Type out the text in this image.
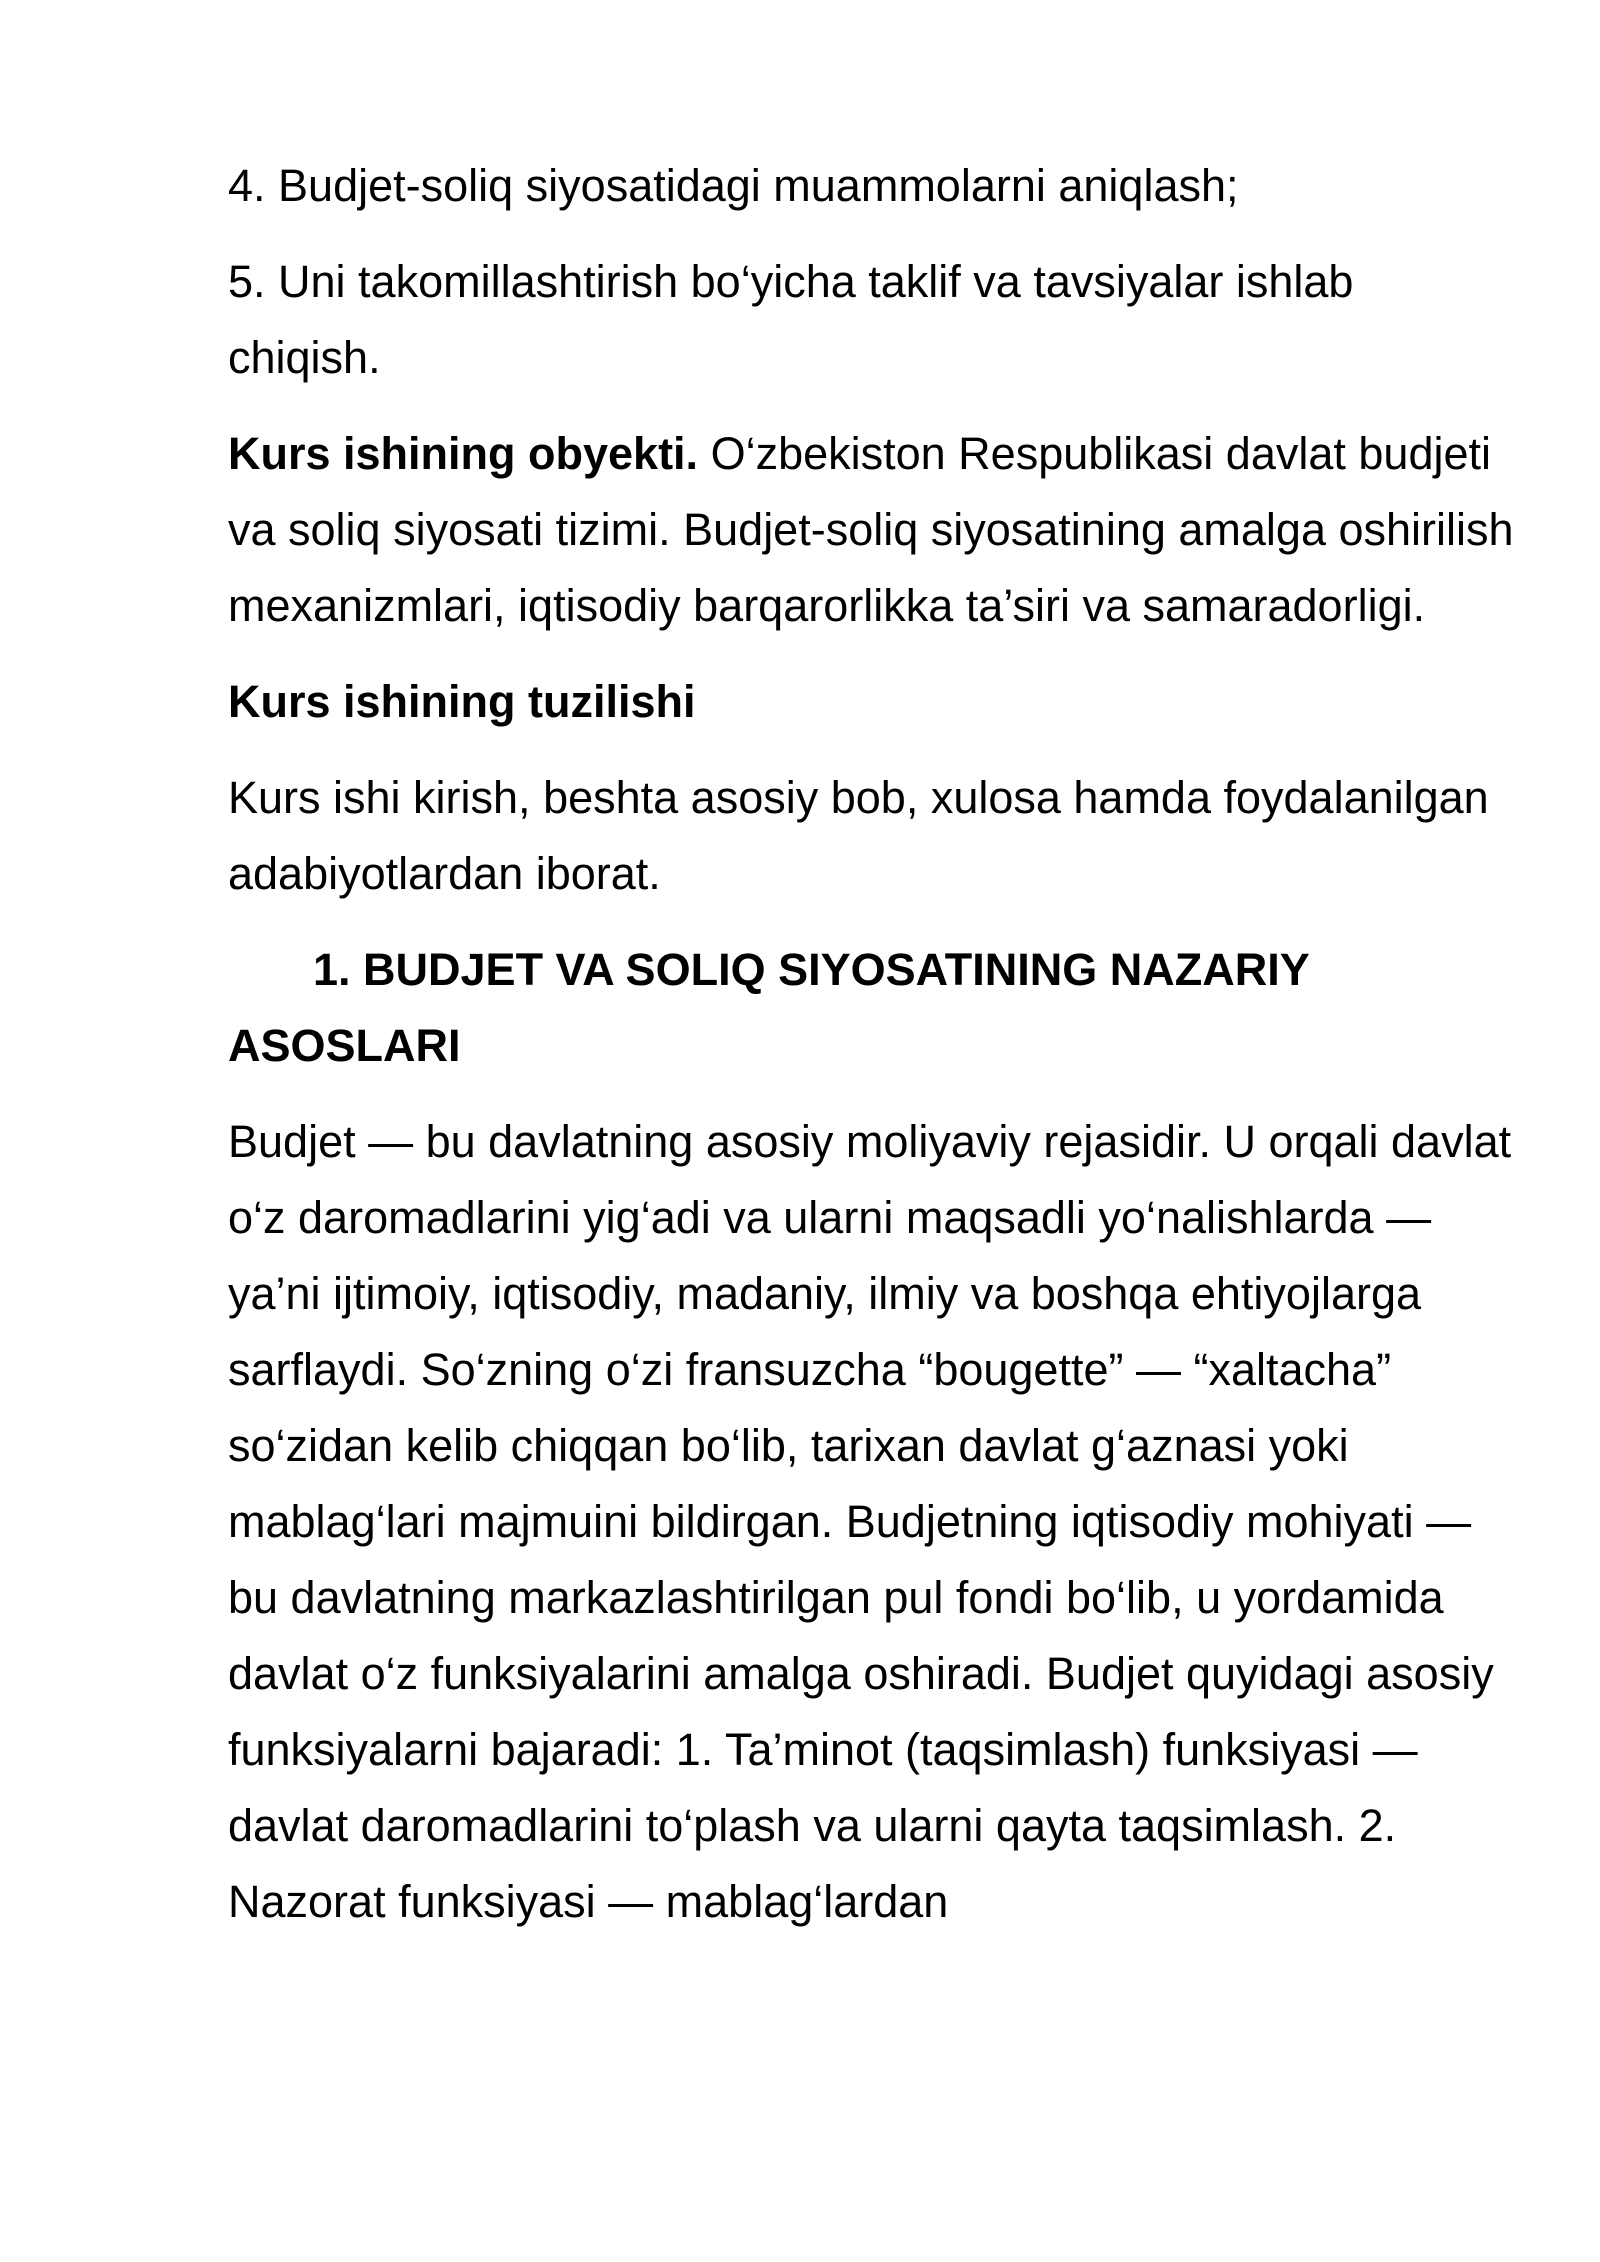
4. Budjet-soliq siyosatidagi muammolarni aniqlash;

5. Uni takomillashtirish bo‘yicha taklif va tavsiyalar ishlab chiqish.

Kurs ishining obyekti. O‘zbekiston Respublikasi davlat budjeti va soliq siyosati tizimi. Budjet-soliq siyosatining amalga oshirilish mexanizmlari, iqtisodiy barqarorlikka ta’siri va samaradorligi.

Kurs ishining tuzilishi

Kurs ishi kirish, beshta asosiy bob, xulosa hamda foydalanilgan adabiyotlardan iborat.

1. BUDJET VA SOLIQ SIYOSATINING NAZARIY ASOSLARI

Budjet — bu davlatning asosiy moliyaviy rejasidir. U orqali davlat o‘z daromadlarini yig‘adi va ularni maqsadli yo‘nalishlarda — ya’ni ijtimoiy, iqtisodiy, madaniy, ilmiy va boshqa ehtiyojlarga sarflaydi. So‘zning o‘zi fransuzcha “bougette” — “xaltacha” so‘zidan kelib chiqqan bo‘lib, tarixan davlat g‘aznasi yoki mablag‘lari majmuini bildirgan. Budjetning iqtisodiy mohiyati — bu davlatning markazlashtirilgan pul fondi bo‘lib, u yordamida davlat o‘z funksiyalarini amalga oshiradi. Budjet quyidagi asosiy funksiyalarni bajaradi: 1. Ta’minot (taqsimlash) funksiyasi — davlat daromadlarini to‘plash va ularni qayta taqsimlash. 2. Nazorat funksiyasi — mablag‘lardan
